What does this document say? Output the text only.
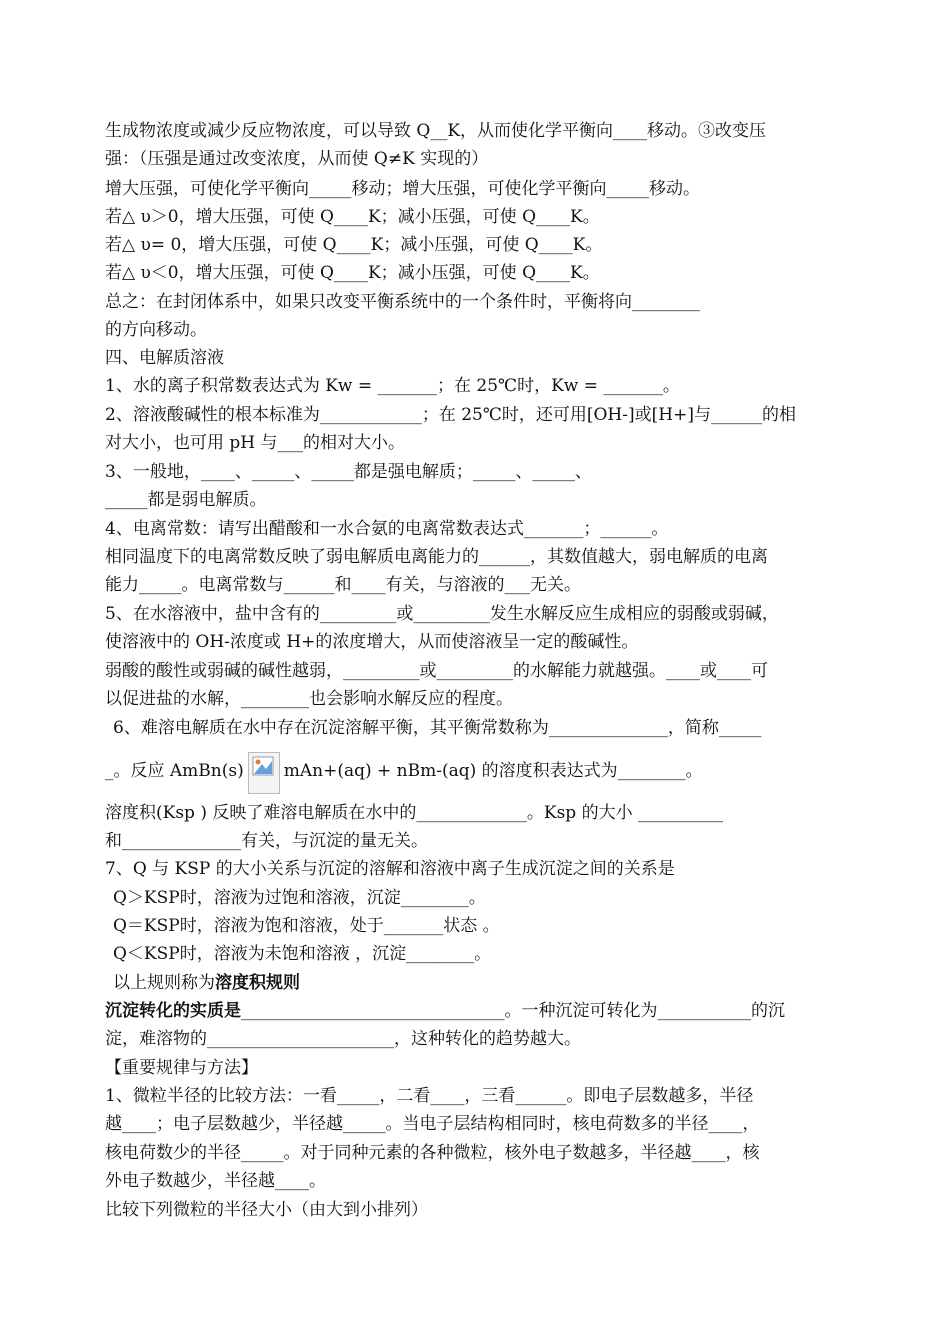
生成物浓度或减少反应物浓度，可以导致 Q__K，从而使化学平衡向____移动。③改变压
强：（压强是通过改变浓度，从而使 Q≠K 实现的）
增大压强，可使化学平衡向_____移动；增大压强，可使化学平衡向_____移动。
若△ υ＞0，增大压强，可使 Q____K；减小压强，可使 Q____K。
若△ υ= 0，增大压强，可使 Q____K；减小压强，可使 Q____K。
若△ υ＜0，增大压强，可使 Q____K；减小压强，可使 Q____K。
总之：在封闭体系中，如果只改变平衡系统中的一个条件时，平衡将向________
的方向移动。
四、电解质溶液
1、水的离子积常数表达式为 Kw = _______；在 25℃时，Kw = _______。
2、溶液酸碱性的根本标准为____________；在 25℃时，还可用[OH-]或[H+]与______的相
对大小，也可用 pH 与___的相对大小。
3、一般地，____、_____、_____都是强电解质；_____、_____、
_____都是弱电解质。
4、电离常数：请写出醋酸和一水合氨的电离常数表达式_______；______。
相同温度下的电离常数反映了弱电解质电离能力的______，其数值越大，弱电解质的电离
能力_____。电离常数与______和____有关，与溶液的___无关。
5、在水溶液中，盐中含有的_________或_________发生水解反应生成相应的弱酸或弱碱，
使溶液中的 OH-浓度或 H+的浓度增大，从而使溶液呈一定的酸碱性。
弱酸的酸性或弱碱的碱性越弱，_________或_________的水解能力就越强。____或____可
以促进盐的水解，________也会影响水解反应的程度。
6、难溶电解质在水中存在沉淀溶解平衡，其平衡常数称为______________，简称_____
_。反应 AmBn(s) mAn+(aq) + nBm-(aq) 的溶度积表达式为________。
溶度积(Ksp ) 反映了难溶电解质在水中的_____________。Ksp 的大小 __________
和______________有关，与沉淀的量无关。
7、Q 与 KSP 的大小关系与沉淀的溶解和溶液中离子生成沉淀之间的关系是
Q＞KSP时，溶液为过饱和溶液，沉淀________。
Q＝KSP时，溶液为饱和溶液，处于_______状态 。
Q＜KSP时，溶液为未饱和溶液 ，沉淀________。
以上规则称为溶度积规则
沉淀转化的实质是_______________________________。一种沉淀可转化为___________的沉
淀，难溶物的______________________，这种转化的趋势越大。
【重要规律与方法】
1、微粒半径的比较方法：一看_____，二看____，三看______。即电子层数越多，半径
越____；电子层数越少，半径越_____。当电子层结构相同时，核电荷数多的半径____，
核电荷数少的半径_____。对于同种元素的各种微粒，核外电子数越多，半径越____，核
外电子数越少，半径越____。
比较下列微粒的半径大小（由大到小排列）
